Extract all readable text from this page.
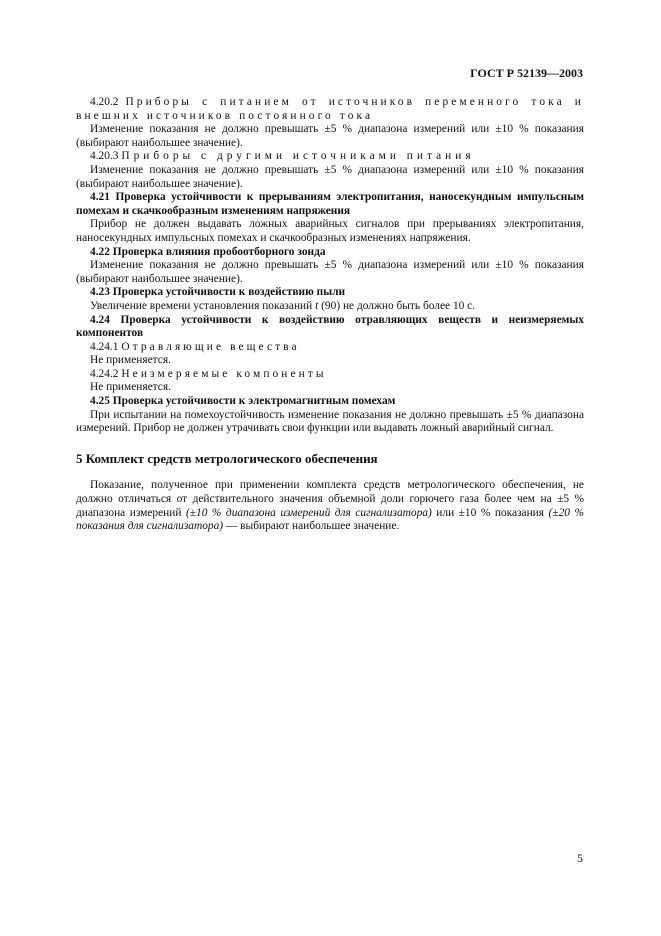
ГОСТ Р 52139—2003

4.20.2 Приборы с питанием от источников переменного тока и внешних источников постоянного тока

Изменение показания не должно превышать ±5 % диапазона измерений или ±10 % показания (выбирают наибольшее значение).

4.20.3 Приборы с другими источниками питания

Изменение показания не должно превышать ±5 % диапазона измерений или ±10 % показания (выбирают наибольшее значение).

4.21 Проверка устойчивости к прерываниям электропитания, наносекундным импульсным помехам и скачкообразным изменениям напряжения

Прибор не должен выдавать ложных аварийных сигналов при прерываниях электропитания, наносекундных импульсных помехах и скачкообразных изменениях напряжения.

4.22 Проверка влияния пробоотборного зонда

Изменение показания не должно превышать ±5 % диапазона измерений или ±10 % показания (выбирают наибольшее значение).

4.23 Проверка устойчивости к воздействию пыли

Увеличение времени установления показаний t (90) не должно быть более 10 с.

4.24 Проверка устойчивости к воздействию отравляющих веществ и неизмеряемых компонентов

4.24.1 Отравляющие вещества

Не применяется.

4.24.2 Неизмеряемые компоненты

Не применяется.

4.25 Проверка устойчивости к электромагнитным помехам

При испытании на помехоустойчивость изменение показания не должно превышать ±5 % диапазона измерений. Прибор не должен утрачивать свои функции или выдавать ложный аварийный сигнал.

5 Комплект средств метрологического обеспечения

Показание, полученное при применении комплекта средств метрологического обеспечения, не должно отличаться от действительного значения объемной доли горючего газа более чем на ±5 % диапазона измерений (±10 % диапазона измерений для сигнализатора) или ±10 % показания (±20 % показания для сигнализатора) — выбирают наибольшее значение.

5
